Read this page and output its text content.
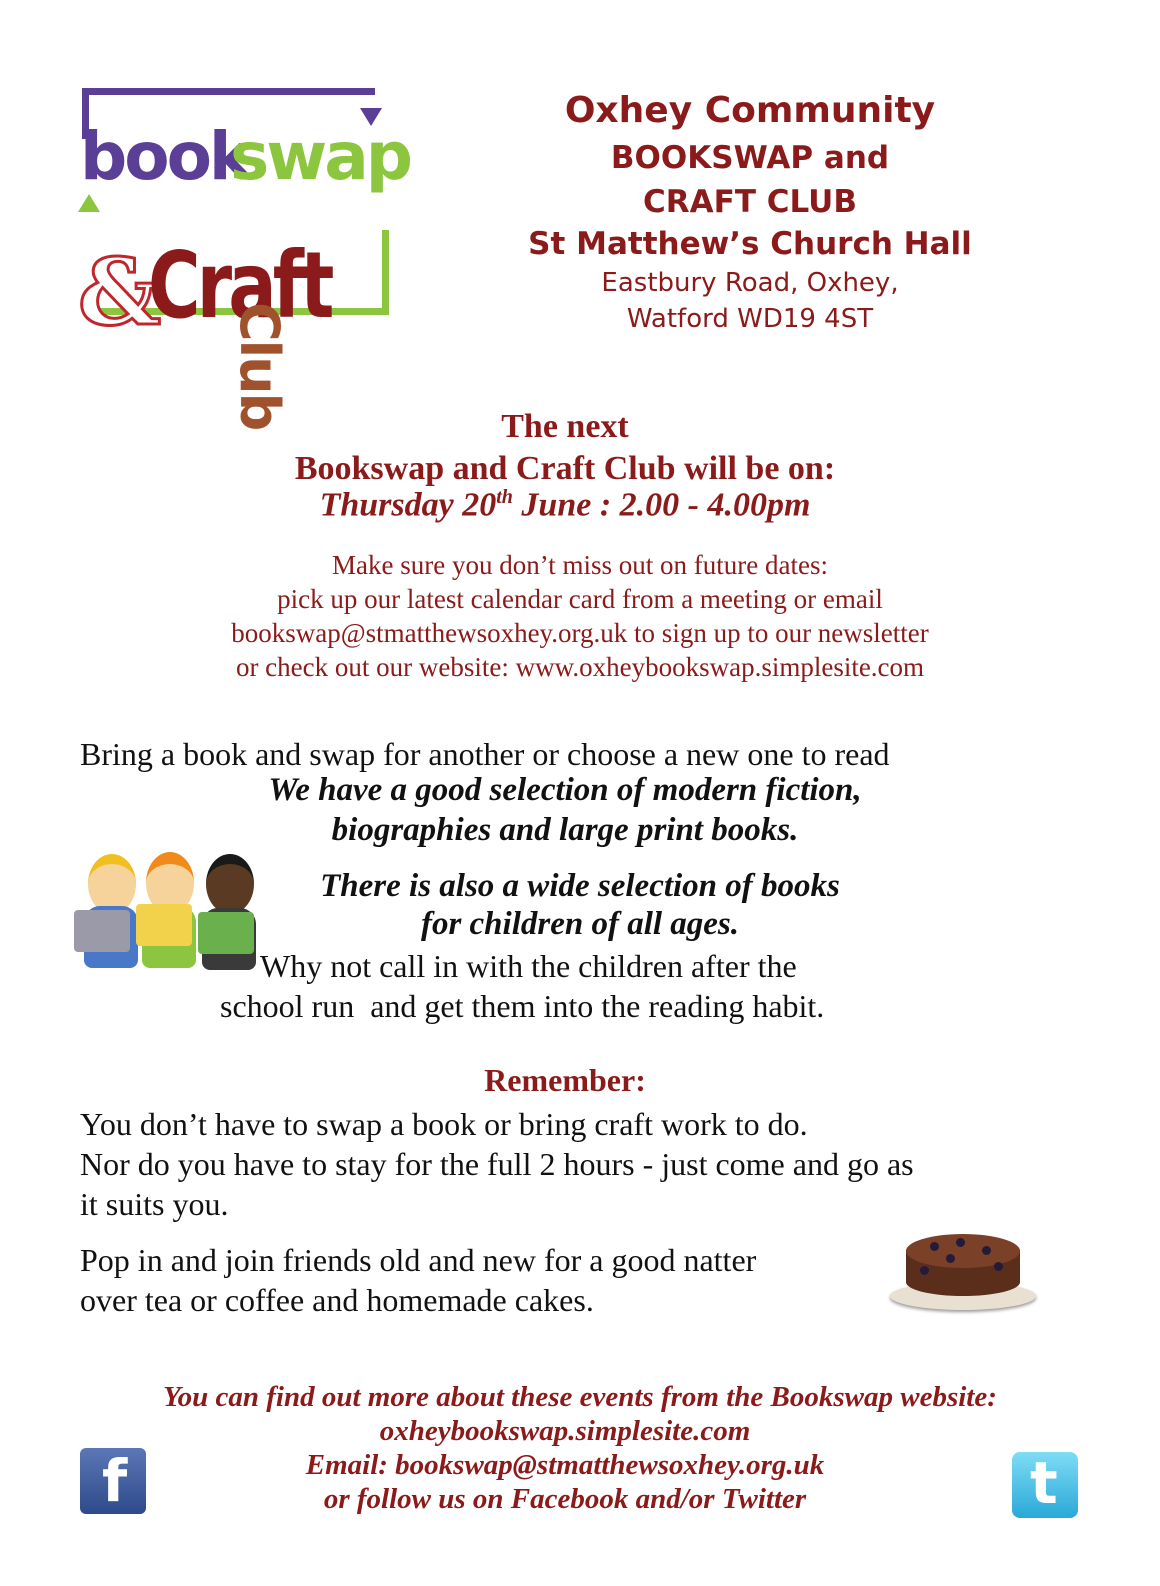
book
swap
&
Craft
Club
Oxhey Community
BOOKSWAP and
CRAFT CLUB
St Matthew’s Church Hall
Eastbury Road, Oxhey,
Watford WD19 4ST
The next
Bookswap and Craft Club will be on:
Thursday 20th June : 2.00 - 4.00pm
Make sure you don’t miss out on future dates:
pick up our latest calendar card from a meeting or email
bookswap@stmatthewsoxhey.org.uk to sign up to our newsletter
or check out our website: www.oxheybookswap.simplesite.com
Bring a book and swap for another or choose a new one to read
We have a good selection of modern fiction,
biographies and large print books.
There is also a wide selection of books
for children of all ages.
Why not call in with the children after the
school run  and get them into the reading habit.
Remember:
You don’t have to swap a book or bring craft work to do.
Nor do you have to stay for the full 2 hours - just come and go as
it suits you.
Pop in and join friends old and new for a good natter
over tea or coffee and homemade cakes.
You can find out more about these events from the Bookswap website:
oxheybookswap.simplesite.com
Email: bookswap@stmatthewsoxhey.org.uk
or follow us on Facebook and/or Twitter
f	t
